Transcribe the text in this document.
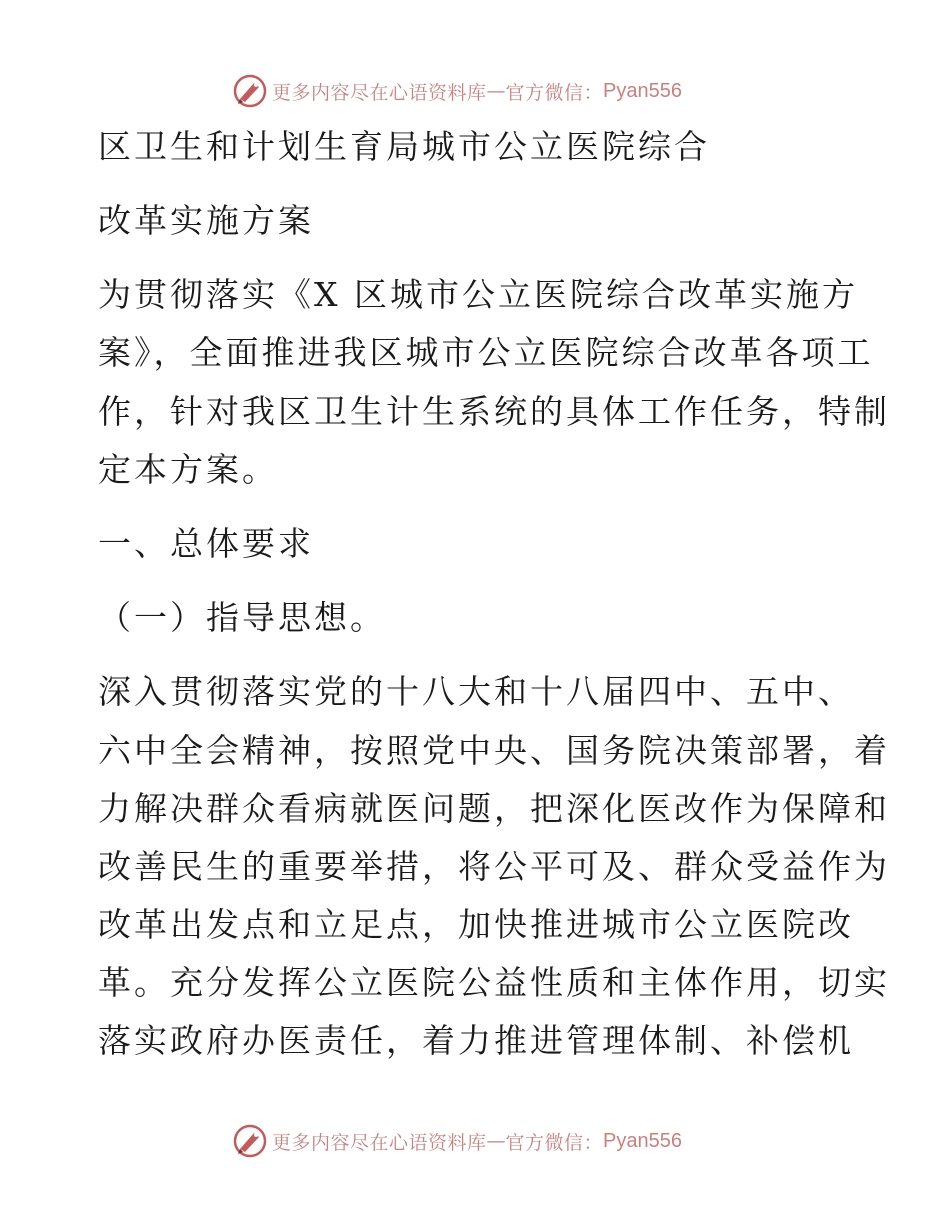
更多内容尽在心语资料库 — 官方微信： Pyan556

区卫生和计划生育局城市公立医院综合

改革实施方案

为贯彻落实《X 区城市公立医院综合改革实施方

案》，全面推进我区城市公立医院综合改革各项工

作，针对我区卫生计生系统的具体工作任务，特制

定本方案。

一、总体要求

（一）指导思想。

深入贯彻落实党的十八大和十八届四中、五中、

六中全会精神，按照党中央、国务院决策部署，着

力解决群众看病就医问题，把深化医改作为保障和

改善民生的重要举措，将公平可及、群众受益作为

改革出发点和立足点，加快推进城市公立医院改

革。充分发挥公立医院公益性质和主体作用，切实

落实政府办医责任，着力推进管理体制、补偿机

更多内容尽在心语资料库 — 官方微信： Pyan556
